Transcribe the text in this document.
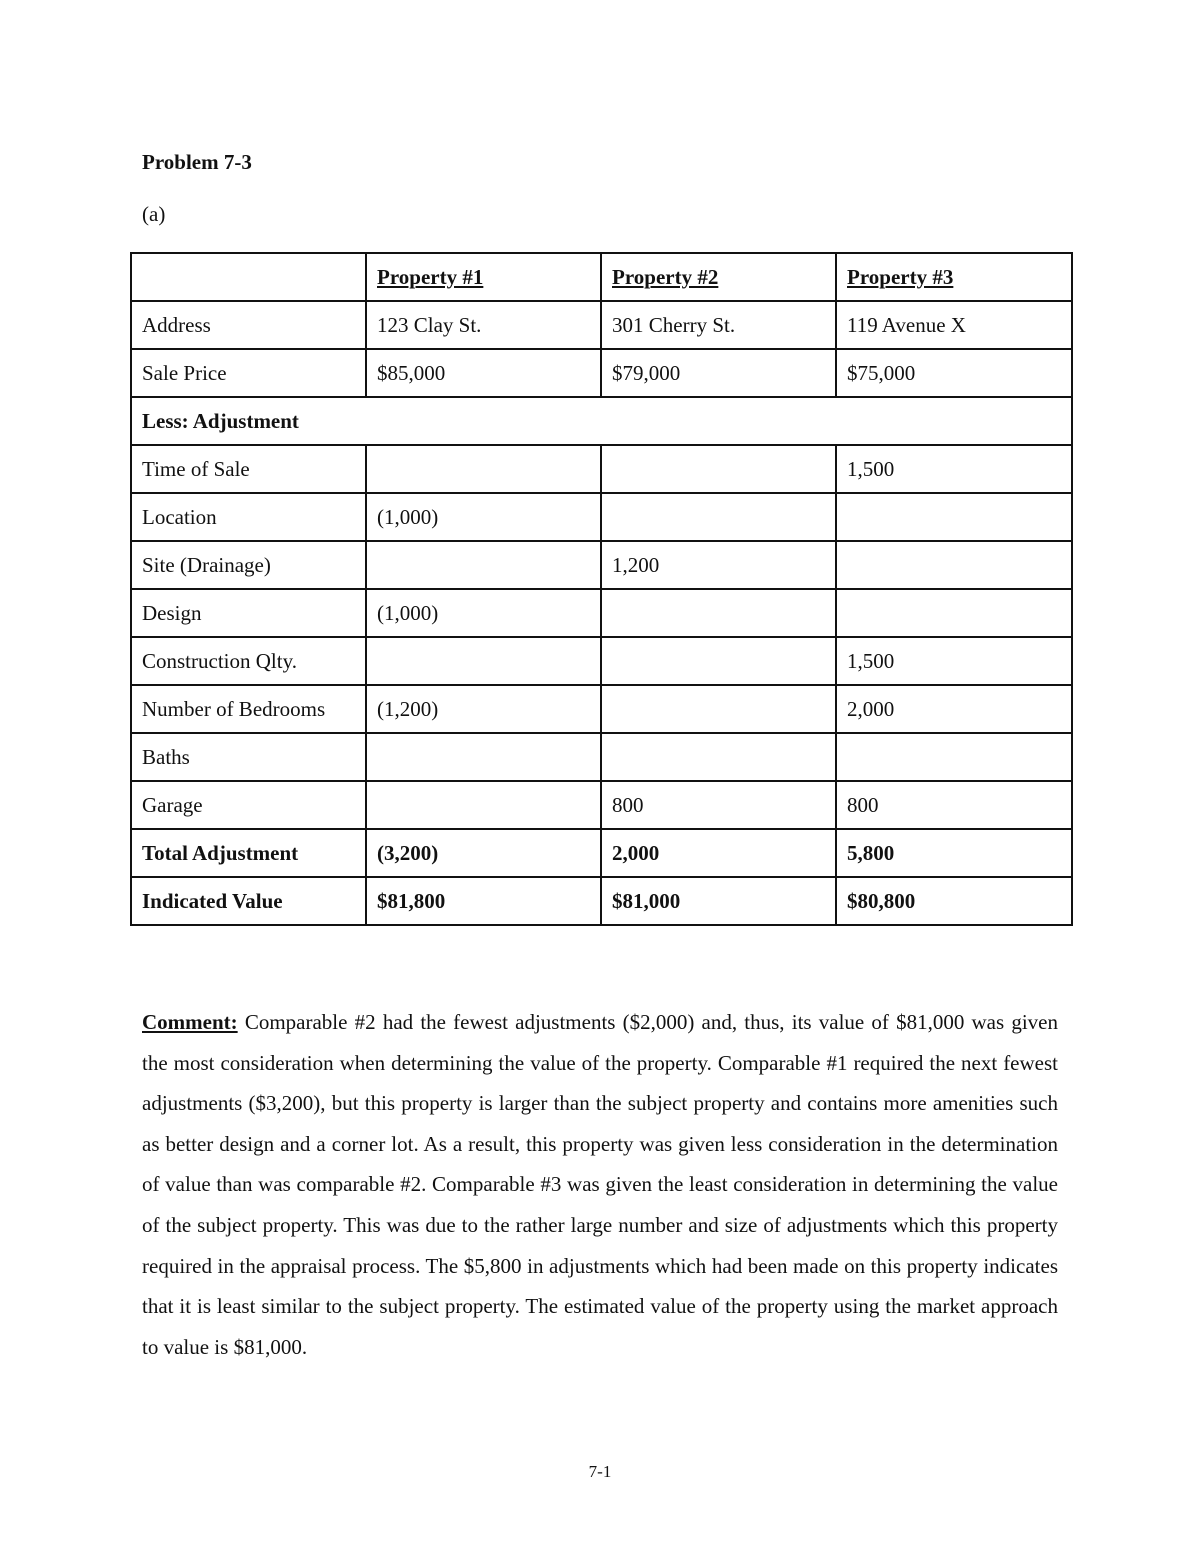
Problem 7-3

(a)

	Property #1	Property #2	Property #3
Address	123 Clay St.	301 Cherry St.	119 Avenue X
Sale Price	$85,000	$79,000	$75,000
Less: Adjustment			
Time of Sale			1,500
Location	(1,000)		
Site (Drainage)		1,200	
Design	(1,000)		
Construction Qlty.			1,500
Number of Bedrooms	(1,200)		2,000
Baths			
Garage		800	800
Total Adjustment	(3,200)	2,000	5,800
Indicated Value	$81,800	$81,000	$80,800

Comment: Comparable #2 had the fewest adjustments ($2,000) and, thus, its value of $81,000 was given the most consideration when determining the value of the property. Comparable #1 required the next fewest adjustments ($3,200), but this property is larger than the subject property and contains more amenities such as better design and a corner lot. As a result, this property was given less consideration in the determination of value than was comparable #2. Comparable #3 was given the least consideration in determining the value of the subject property. This was due to the rather large number and size of adjustments which this property required in the appraisal process. The $5,800 in adjustments which had been made on this property indicates that it is least similar to the subject property. The estimated value of the property using the market approach to value is $81,000.

7-1
